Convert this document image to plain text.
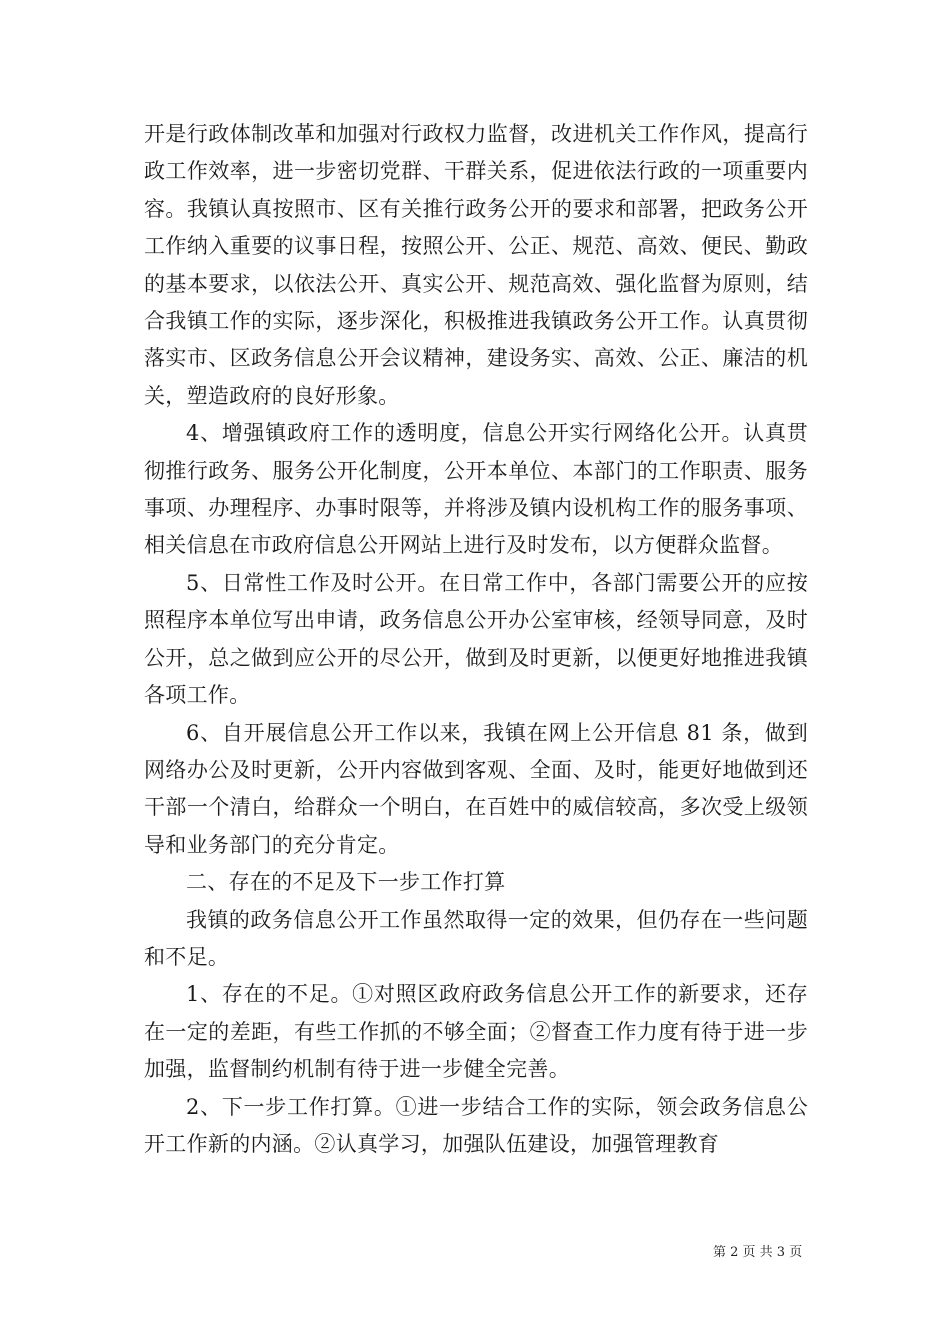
开是行政体制改革和加强对行政权力监督，改进机关工作作风，提高行政工作效率，进一步密切党群、干群关系，促进依法行政的一项重要内容。我镇认真按照市、区有关推行政务公开的要求和部署，把政务公开工作纳入重要的议事日程，按照公开、公正、规范、高效、便民、勤政的基本要求，以依法公开、真实公开、规范高效、强化监督为原则，结合我镇工作的实际，逐步深化，积极推进我镇政务公开工作。认真贯彻落实市、区政务信息公开会议精神，建设务实、高效、公正、廉洁的机关，塑造政府的良好形象。

4、增强镇政府工作的透明度，信息公开实行网络化公开。认真贯彻推行政务、服务公开化制度，公开本单位、本部门的工作职责、服务事项、办理程序、办事时限等，并将涉及镇内设机构工作的服务事项、相关信息在市政府信息公开网站上进行及时发布，以方便群众监督。

5、日常性工作及时公开。在日常工作中，各部门需要公开的应按照程序本单位写出申请，政务信息公开办公室审核，经领导同意，及时公开，总之做到应公开的尽公开，做到及时更新，以便更好地推进我镇各项工作。

6、自开展信息公开工作以来，我镇在网上公开信息 81 条，做到网络办公及时更新，公开内容做到客观、全面、及时，能更好地做到还干部一个清白，给群众一个明白，在百姓中的威信较高，多次受上级领导和业务部门的充分肯定。

二、存在的不足及下一步工作打算

我镇的政务信息公开工作虽然取得一定的效果，但仍存在一些问题和不足。

1、存在的不足。①对照区政府政务信息公开工作的新要求，还存在一定的差距，有些工作抓的不够全面；②督查工作力度有待于进一步加强，监督制约机制有待于进一步健全完善。

2、下一步工作打算。①进一步结合工作的实际，领会政务信息公开工作新的内涵。②认真学习，加强队伍建设，加强管理教育

第 2 页 共 3 页
